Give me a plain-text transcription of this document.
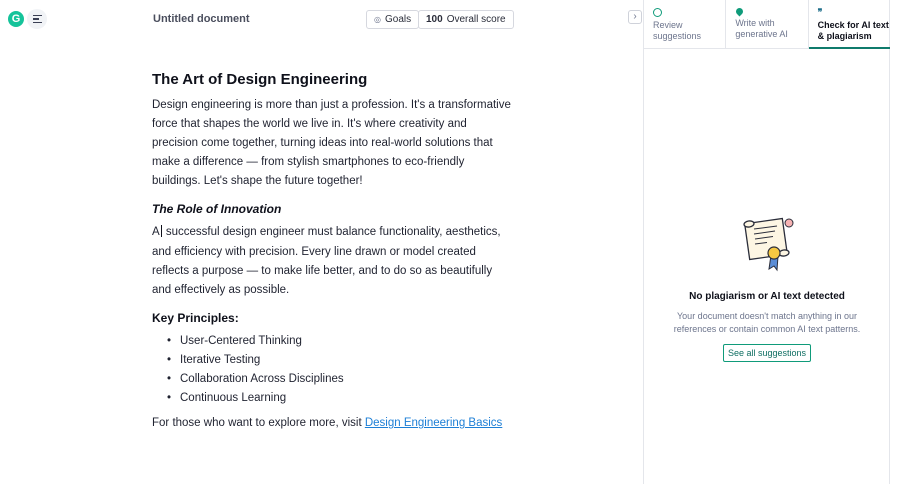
G
Untitled document	◎ Goals 100 Overall score	›
The Art of Design Engineering
Design engineering is more than just a profession. It's a transformative force that shapes the world we live in. It's where creativity and precision come together, turning ideas into real-world solutions that make a difference — from stylish smartphones to eco-friendly buildings. Let's shape the future together!
The Role of Innovation
A successful design engineer must balance functionality, aesthetics, and efficiency with precision. Every line drawn or model created reflects a purpose — to make life better, and to do so as beautifully and effectively as possible.
Key Principles:
• User-Centered Thinking
• Iterative Testing
• Collaboration Across Disciplines
• Continuous Learning
For those who want to explore more, visit Design Engineering Basics
Review suggestions
Write with generative AI
❞
Check for AI text & plagiarism
No plagiarism or AI text detected
Your document doesn't match anything in our references or contain common AI text patterns.
See all suggestions
